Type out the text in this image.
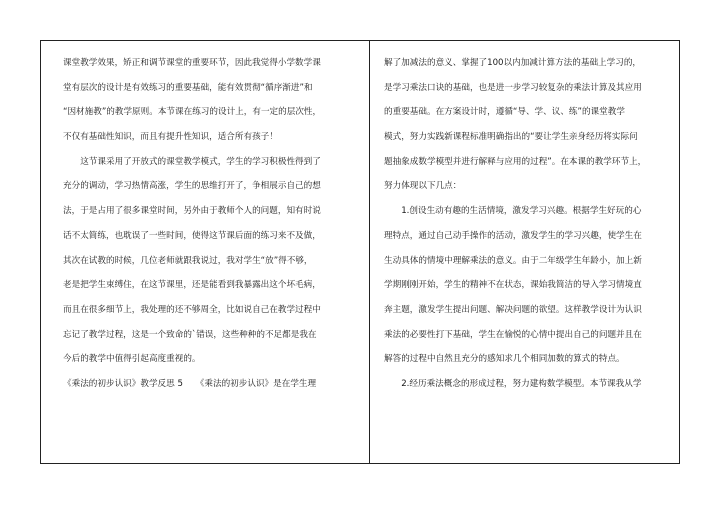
课堂教学效果，矫正和调节课堂的重要环节，因此我觉得小学数学课
堂有层次的设计是有效练习的重要基础，能有效贯彻“循序渐进”和
“因材施教”的教学原则。本节课在练习的设计上，有一定的层次性，
不仅有基础性知识，而且有提升性知识，适合所有孩子！
　　这节课采用了开放式的课堂教学模式，学生的学习积极性得到了
充分的调动，学习热情高涨，学生的思维打开了，争相展示自己的想
法，于是占用了很多课堂时间，另外由于教师个人的问题，知有时说
话不太简练，也耽误了一些时间，使得这节课后面的练习来不及做，
其次在试教的时候，几位老师就跟我说过，我对学生“放”得不够，
老是把学生束缚住，在这节课里，还是能看到我暴露出这个坏毛病，
而且在很多细节上，我处理的还不够周全，比如说自己在教学过程中
忘记了教学过程，这是一个致命的`错误，这些种种的不足都是我在
今后的教学中值得引起高度重视的。
《乘法的初步认识》教学反思 5　　《乘法的初步认识》是在学生理
解了加减法的意义、掌握了100以内加减计算方法的基础上学习的，
是学习乘法口诀的基础，也是进一步学习较复杂的乘法计算及其应用
的重要基础。在方案设计时，遵循“导、学、议、练”的课堂教学
模式，努力实践新课程标准明确指出的“要让学生亲身经历将实际问
题抽象成数学模型并进行解释与应用的过程”。在本课的教学环节上，
努力体现以下几点：
　　1.创设生动有趣的生活情境，激发学习兴趣。根据学生好玩的心
理特点，通过自己动手操作的活动，激发学生的学习兴趣，使学生在
生动具体的情境中理解乘法的意义。由于二年级学生年龄小，加上新
学期刚刚开始，学生的精神不在状态，课始我简洁的导入学习情境直
奔主题，激发学生提出问题、解决问题的欲望。这样教学设计为认识
乘法的必要性打下基础，学生在愉悦的心情中提出自己的问题并且在
解答的过程中自然且充分的感知求几个相同加数的算式的特点。
　　2.经历乘法概念的形成过程，努力建构数学模型。本节课我从学
